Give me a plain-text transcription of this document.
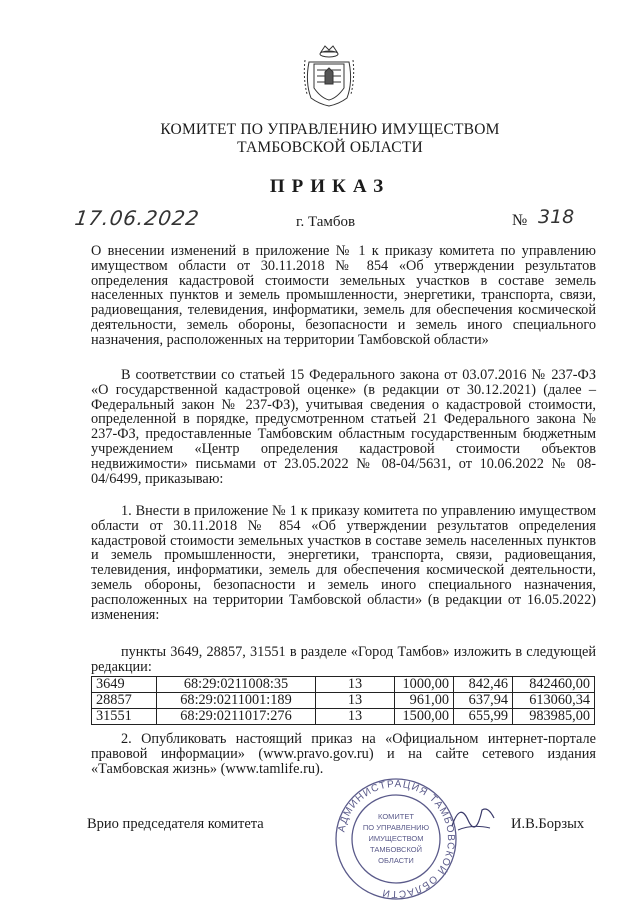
КОМИТЕТ ПО УПРАВЛЕНИЮ ИМУЩЕСТВОМ
ТАМБОВСКОЙ ОБЛАСТИ
ПРИКАЗ
17.06.2022	г. Тамбов	№ 318

О внесении изменений в приложение № 1 к приказу комитета по управлению имуществом области от 30.11.2018 № 854 «Об утверждении результатов определения кадастровой стоимости земельных участков в составе земель населенных пунктов и земель промышленности, энергетики, транспорта, связи, радиовещания, телевидения, информатики, земель для обеспечения космической деятельности, земель обороны, безопасности и земель иного специального назначения, расположенных на территории Тамбовской области»

В соответствии со статьей 15 Федерального закона от 03.07.2016 № 237-ФЗ «О государственной кадастровой оценке» (в редакции от 30.12.2021) (далее – Федеральный закон № 237-ФЗ), учитывая сведения о кадастровой стоимости, определенной в порядке, предусмотренном статьей 21 Федерального закона № 237-ФЗ, предоставленные Тамбовским областным государственным бюджетным учреждением «Центр определения кадастровой стоимости объектов недвижимости» письмами от 23.05.2022 № 08-04/5631, от 10.06.2022 № 08-04/6499, приказываю:

1. Внести в приложение № 1 к приказу комитета по управлению имуществом области от 30.11.2018 № 854 «Об утверждении результатов определения кадастровой стоимости земельных участков в составе земель населенных пунктов и земель промышленности, энергетики, транспорта, связи, радиовещания, телевидения, информатики, земель для обеспечения космической деятельности, земель обороны, безопасности и земель иного специального назначения, расположенных на территории Тамбовской области» (в редакции от 16.05.2022) изменения:

пункты 3649, 28857, 31551 в разделе «Город Тамбов» изложить в следующей редакции:

3649	68:29:0211008:35	13	1000,00	842,46	842460,00
28857	68:29:0211001:189	13	961,00	637,94	613060,34
31551	68:29:0211017:276	13	1500,00	655,99	983985,00

2. Опубликовать настоящий приказ на «Официальном интернет-портале правовой информации» (www.pravo.gov.ru) и на сайте сетевого издания «Тамбовская жизнь» (www.tamlife.ru).

Врио председателя комитета	АДМИНИСТРАЦИЯ ТАМБОВСКОЙ ОБЛАСТИ
КОМИТЕТ
ПО УПРАВЛЕНИЮ
ИМУЩЕСТВОМ
ТАМБОВСКОЙ
ОБЛАСТИ
И.В.Борзых
